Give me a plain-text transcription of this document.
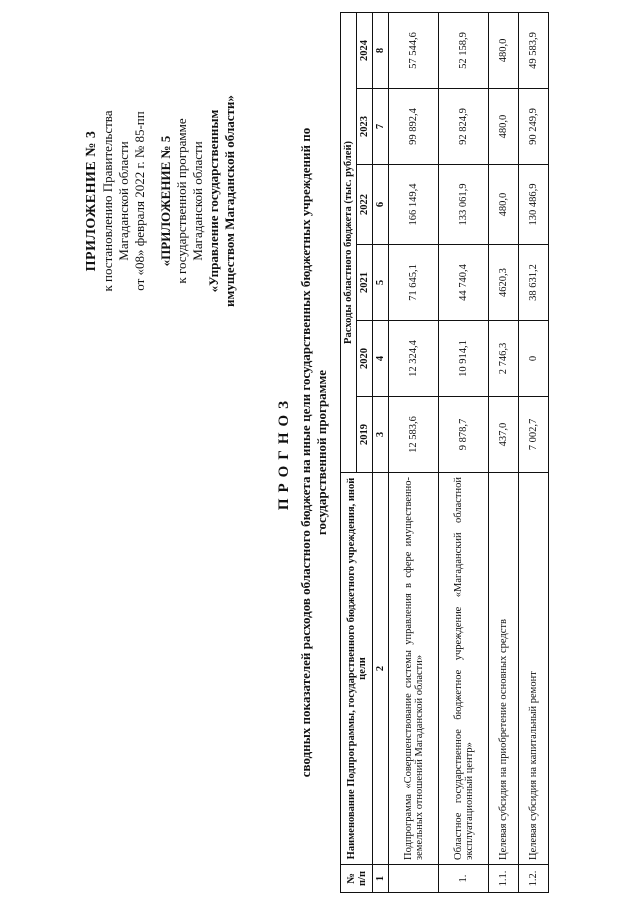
ПРИЛОЖЕНИЕ № 3 к постановлению Правительства Магаданской области от «08» февраля 2022 г. № 85-пп «ПРИЛОЖЕНИЕ № 5 к государственной программе Магаданской области «Управление государственным имуществом Магаданской области»
ПРОГНОЗ сводных показателей расходов областного бюджета на иные цели государственных бюджетных учреждений по государственной программе
№ п/п	Наименование Подпрограммы, государственного бюджетного учреждения, иной цели	Расходы областного бюджета (тыс. рублей)					
		2019	2020	2021	2022	2023	2024
1	2	3	4	5	6	7	8
	Подпрограмма «Совершенствование системы управления в сфере имущественно-земельных отношений Магаданской области»	12 583,6	12 324,4	71 645,1	166 149,4	99 892,4	57 544,6
1.	Областное государственное бюджетное учреждение «Магаданский областной эксплуатационный центр»	9 878,7	10 914,1	44 740,4	133 061,9	92 824,9	52 158,9
1.1.	Целевая субсидия на приобретение основных средств	437,0	2 746,3	4620,3	480,0	480,0	480,0
1.2.	Целевая субсидия на капитальный ремонт	7 002,7	0	38 631,2	130 486,9	90 249,9	49 583,9
